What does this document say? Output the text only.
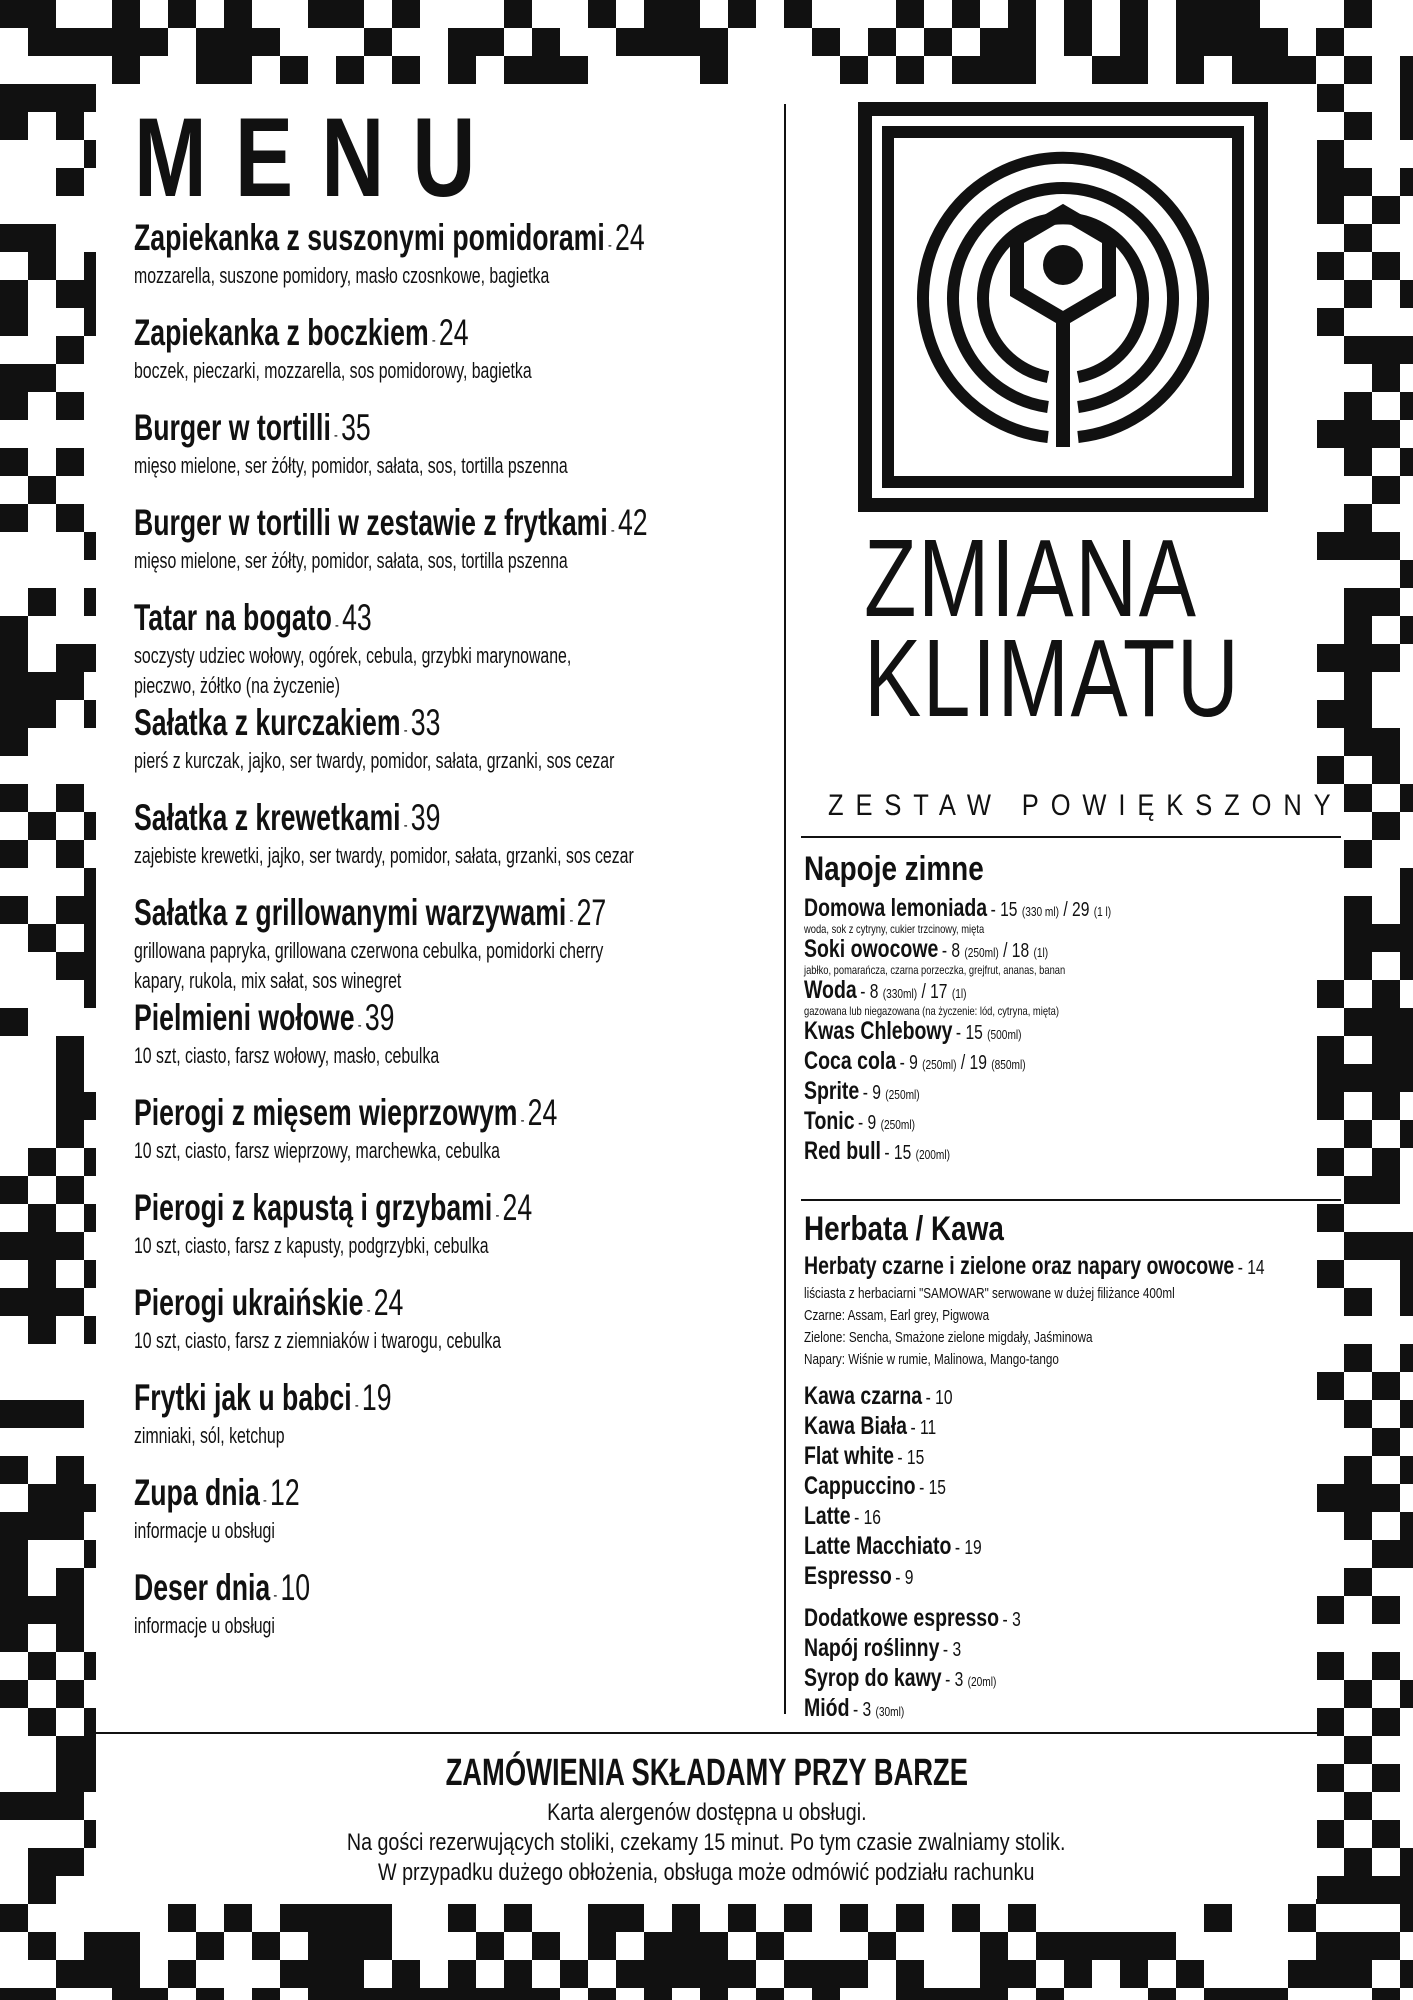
MENU
Zapiekanka z suszonymi pomidorami - 24
mozzarella, suszone pomidory, masło czosnkowe, bagietka
Zapiekanka z boczkiem - 24
boczek, pieczarki, mozzarella, sos pomidorowy, bagietka
Burger w tortilli - 35
mięso mielone, ser żółty, pomidor, sałata, sos, tortilla pszenna
Burger w tortilli w zestawie z frytkami - 42
mięso mielone, ser żółty, pomidor, sałata, sos, tortilla pszenna
Tatar na bogato - 43
soczysty udziec wołowy, ogórek, cebula, grzybki marynowane,
pieczwo, żółtko (na życzenie)
Sałatka z kurczakiem - 33
pierś z kurczak, jajko, ser twardy, pomidor, sałata, grzanki, sos cezar
Sałatka z krewetkami - 39
zajebiste krewetki, jajko, ser twardy, pomidor, sałata, grzanki, sos cezar
Sałatka z grillowanymi warzywami - 27
grillowana papryka, grillowana czerwona cebulka, pomidorki cherry
kapary, rukola, mix sałat, sos winegret
Pielmieni wołowe - 39
10 szt, ciasto, farsz wołowy, masło, cebulka
Pierogi z mięsem wieprzowym - 24
10 szt, ciasto, farsz wieprzowy, marchewka, cebulka
Pierogi z kapustą i grzybami - 24
10 szt, ciasto, farsz z kapusty, podgrzybki, cebulka
Pierogi ukraińskie - 24
10 szt, ciasto, farsz z ziemniaków i twarogu, cebulka
Frytki jak u babci - 19
zimniaki, sól, ketchup
Zupa dnia - 12
informacje u obsługi
Deser dnia - 10
informacje u obsługi
ZMIANA
KLIMATU
ZESTAW POWIĘKSZONY
Napoje zimne
Domowa lemoniada - 15 (330 ml) / 29 (1 l)
woda, sok z cytryny, cukier trzcinowy, mięta
Soki owocowe - 8 (250ml) / 18 (1l)
jabłko, pomarańcza, czarna porzeczka, grejfrut, ananas, banan
Woda - 8 (330ml) / 17 (1l)
gazowana lub niegazowana (na życzenie: lód, cytryna, mięta)
Kwas Chlebowy - 15 (500ml)
Coca cola - 9 (250ml) / 19 (850ml)
Sprite - 9 (250ml)
Tonic - 9 (250ml)
Red bull - 15 (200ml)
Herbata / Kawa
Herbaty czarne i zielone oraz napary owocowe - 14
liściasta z herbaciarni "SAMOWAR" serwowane w dużej filiżance 400ml
Czarne: Assam, Earl grey, Pigwowa
Zielone: Sencha, Smażone zielone migdały, Jaśminowa
Napary: Wiśnie w rumie, Malinowa, Mango-tango
Kawa czarna - 10
Kawa Biała - 11
Flat white - 15
Cappuccino - 15
Latte - 16
Latte Macchiato - 19
Espresso - 9
Dodatkowe espresso - 3
Napój roślinny - 3
Syrop do kawy - 3 (20ml)
Miód - 3 (30ml)
ZAMÓWIENIA SKŁADAMY PRZY BARZE
Karta alergenów dostępna u obsługi.
Na gości rezerwujących stoliki, czekamy 15 minut. Po tym czasie zwalniamy stolik.
W przypadku dużego obłożenia, obsługa może odmówić podziału rachunku
